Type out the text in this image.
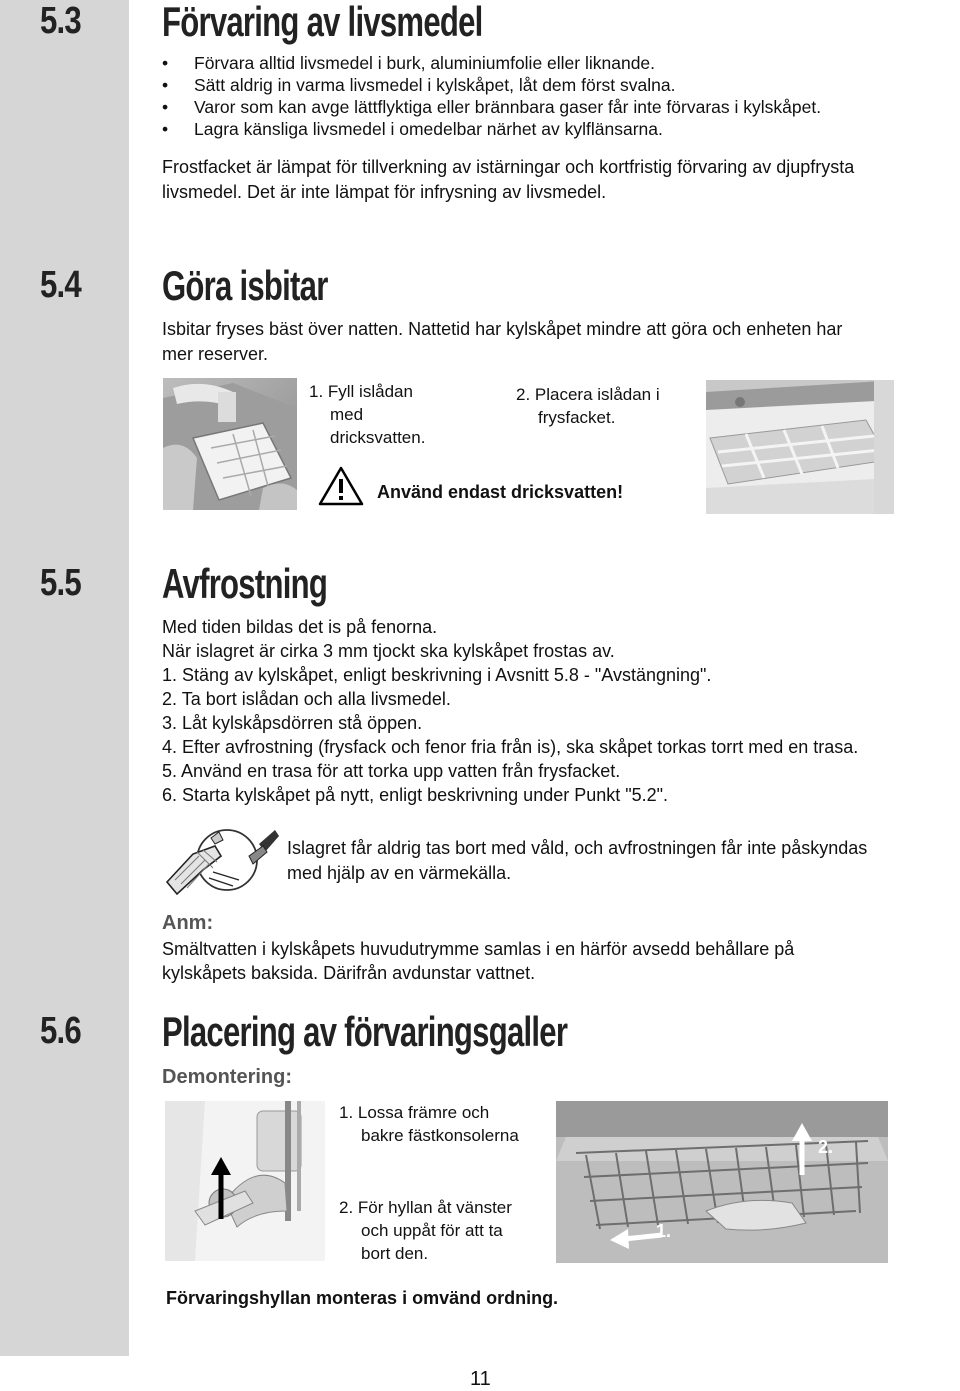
5.3 Förvaring av livsmedel
• Förvara alltid livsmedel i burk, aluminiumfolie eller liknande.
• Sätt aldrig in varma livsmedel i kylskåpet, låt dem först svalna.
• Varor som kan avge lättflyktiga eller brännbara gaser får inte förvaras i kylskåpet.
• Lagra känsliga livsmedel i omedelbar närhet av kylflänsarna.
Frostfacket är lämpat för tillverkning av istärningar och kortfristig förvaring av djupfrysta
livsmedel. Det är inte lämpat för infrysning av livsmedel.
5.4 Göra isbitar
Isbitar fryses bäst över natten. Nattetid har kylskåpet mindre att göra och enheten har
mer reserver.
1. Fyll islådan
med
dricksvatten.
2. Placera islådan i
frysfacket.
Använd endast dricksvatten!
5.5 Avfrostning
Med tiden bildas det is på fenorna.
När islagret är cirka 3 mm tjockt ska kylskåpet frostas av.
1. Stäng av kylskåpet, enligt beskrivning i Avsnitt 5.8 - "Avstängning".
2. Ta bort islådan och alla livsmedel.
3. Låt kylskåpsdörren stå öppen.
4. Efter avfrostning (frysfack och fenor fria från is), ska skåpet torkas torrt med en trasa.
5. Använd en trasa för att torka upp vatten från frysfacket.
6. Starta kylskåpet på nytt, enligt beskrivning under Punkt "5.2".
Islagret får aldrig tas bort med våld, och avfrostningen får inte påskyndas
med hjälp av en värmekälla.
Anm:
Smältvatten i kylskåpets huvudutrymme samlas i en härför avsedd behållare på
kylskåpets baksida. Därifrån avdunstar vattnet.
5.6 Placering av förvaringsgaller
Demontering:
1. Lossa främre och
bakre fästkonsolerna
2. För hyllan åt vänster
och uppåt för att ta
bort den.
2.
1.
Förvaringshyllan monteras i omvänd ordning.
11
